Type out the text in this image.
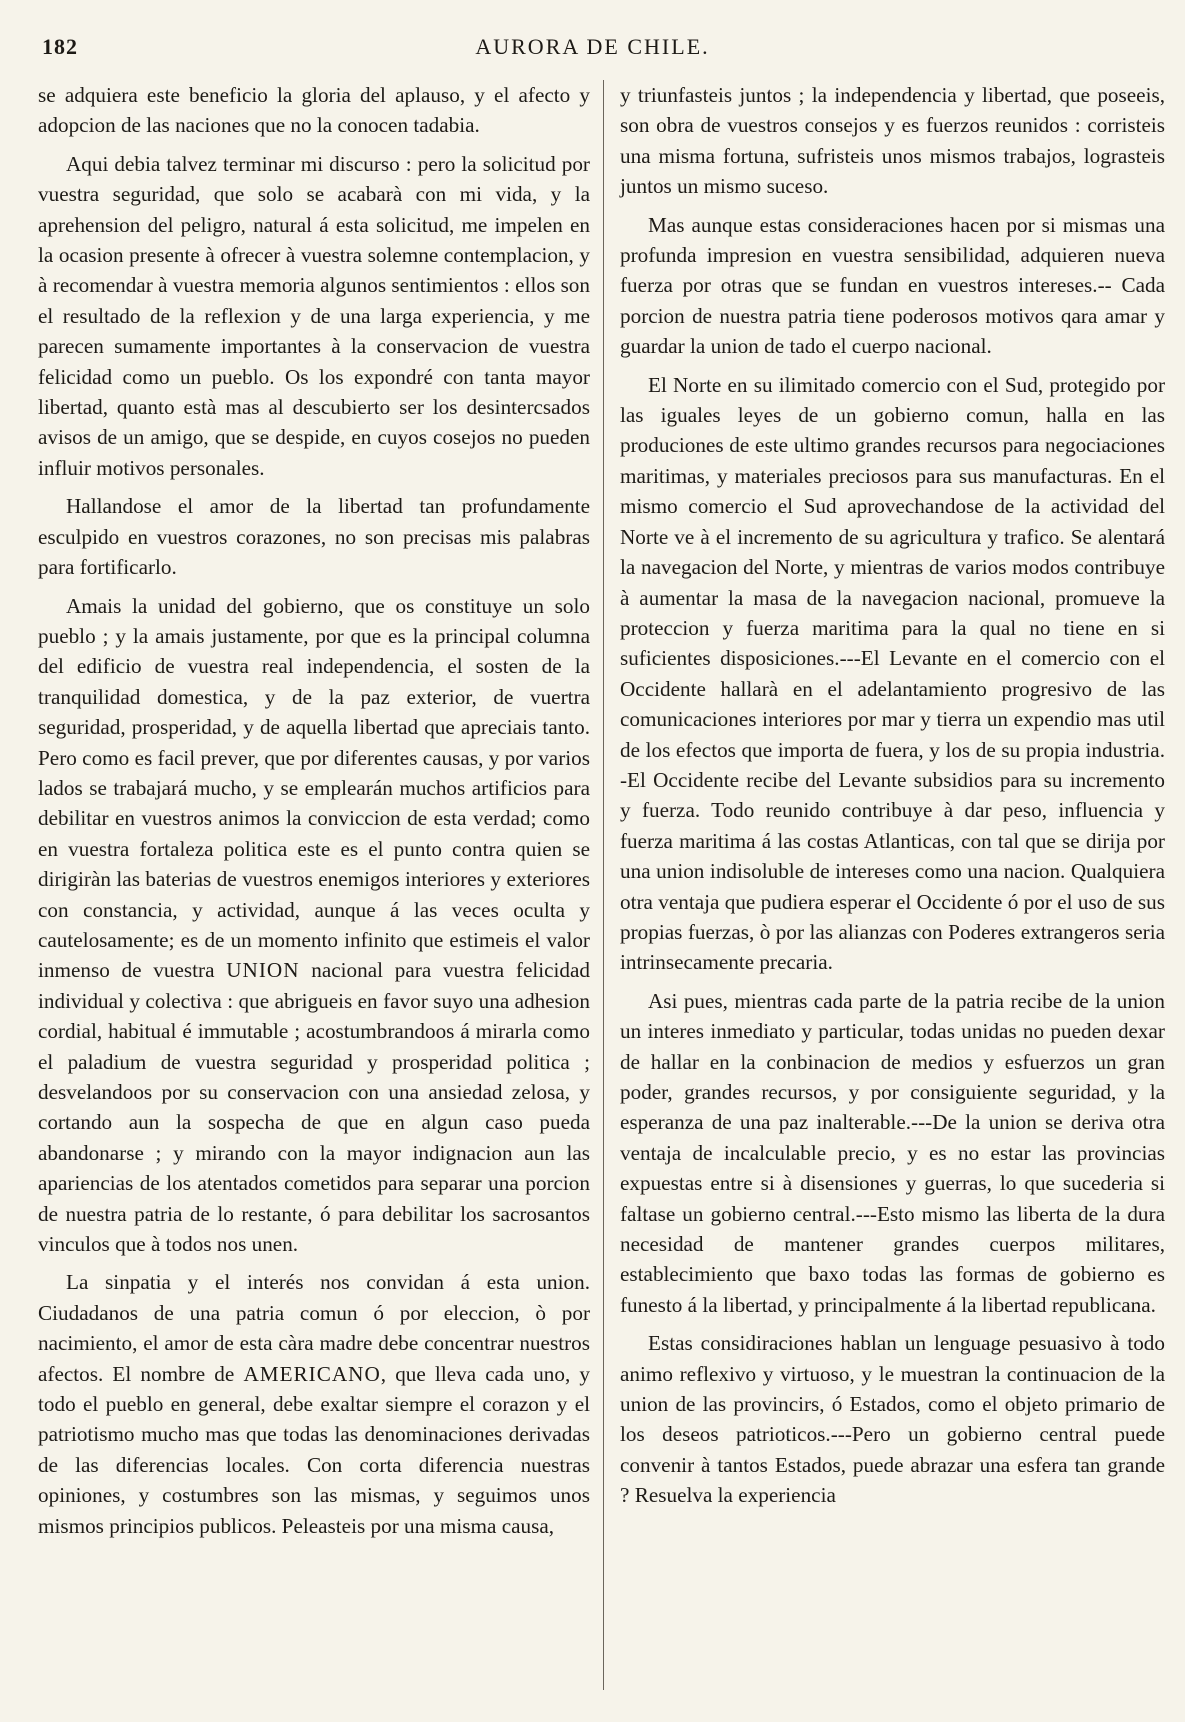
182	AURORA DE CHILE.

se adquiera este beneficio la gloria del aplauso, y el afecto y adopcion de las naciones que no la conocen tadabia.

Aqui debia talvez terminar mi discurso : pero la solicitud por vuestra seguridad, que solo se acabarà con mi vida, y la aprehension del peligro, natural á esta solicitud, me impelen en la ocasion presente à ofrecer à vuestra solemne contemplacion, y à recomendar à vuestra memoria algunos sentimientos : ellos son el resultado de la reflexion y de una larga experiencia, y me parecen sumamente importantes à la conservacion de vuestra felicidad como un pueblo. Os los expondré con tanta mayor libertad, quanto està mas al descubierto ser los desintercsados avisos de un amigo, que se despide, en cuyos cosejos no pueden influir motivos personales.

Hallandose el amor de la libertad tan profundamente esculpido en vuestros corazones, no son precisas mis palabras para fortificarlo.

Amais la unidad del gobierno, que os constituye un solo pueblo ; y la amais justamente, por que es la principal columna del edificio de vuestra real independencia, el sosten de la tranquilidad domestica, y de la paz exterior, de vuertra seguridad, prosperidad, y de aquella libertad que apreciais tanto. Pero como es facil prever, que por diferentes causas, y por varios lados se trabajará mucho, y se emplearán muchos artificios para debilitar en vuestros animos la conviccion de esta verdad; como en vuestra fortaleza politica este es el punto contra quien se dirigiràn las baterias de vuestros enemigos interiores y exteriores con constancia, y actividad, aunque á las veces oculta y cautelosamente; es de un momento infinito que estimeis el valor inmenso de vuestra UNION nacional para vuestra felicidad individual y colectiva : que abrigueis en favor suyo una adhesion cordial, habitual é immutable ; acostumbrandoos á mirarla como el paladium de vuestra seguridad y prosperidad politica ; desvelandoos por su conservacion con una ansiedad zelosa, y cortando aun la sospecha de que en algun caso pueda abandonarse ; y mirando con la mayor indignacion aun las apariencias de los atentados cometidos para separar una porcion de nuestra patria de lo restante, ó para debilitar los sacrosantos vinculos que à todos nos unen.

La sinpatia y el interés nos convidan á esta union. Ciudadanos de una patria comun ó por eleccion, ò por nacimiento, el amor de esta càra madre debe concentrar nuestros afectos. El nombre de AMERICANO, que lleva cada uno, y todo el pueblo en general, debe exaltar siempre el corazon y el patriotismo mucho mas que todas las denominaciones derivadas de las diferencias locales. Con corta diferencia nuestras opiniones, y costumbres son las mismas, y seguimos unos mismos principios publicos. Peleasteis por una misma causa,

y triunfasteis juntos ; la independencia y libertad, que poseeis, son obra de vuestros consejos y es fuerzos reunidos : corristeis una misma fortuna, sufristeis unos mismos trabajos, lograsteis juntos un mismo suceso.

Mas aunque estas consideraciones hacen por si mismas una profunda impresion en vuestra sensibilidad, adquieren nueva fuerza por otras que se fundan en vuestros intereses.-- Cada porcion de nuestra patria tiene poderosos motivos qara amar y guardar la union de tado el cuerpo nacional.

El Norte en su ilimitado comercio con el Sud, protegido por las iguales leyes de un gobierno comun, halla en las produciones de este ultimo grandes recursos para negociaciones maritimas, y materiales preciosos para sus manufacturas. En el mismo comercio el Sud aprovechandose de la actividad del Norte ve à el incremento de su agricultura y trafico. Se alentará la navegacion del Norte, y mientras de varios modos contribuye à aumentar la masa de la navegacion nacional, promueve la proteccion y fuerza maritima para la qual no tiene en si suficientes disposiciones.---El Levante en el comercio con el Occidente hallarà en el adelantamiento progresivo de las comunicaciones interiores por mar y tierra un expendio mas util de los efectos que importa de fuera, y los de su propia industria. -El Occidente recibe del Levante subsidios para su incremento y fuerza. Todo reunido contribuye à dar peso, influencia y fuerza maritima á las costas Atlanticas, con tal que se dirija por una union indisoluble de intereses como una nacion. Qualquiera otra ventaja que pudiera esperar el Occidente ó por el uso de sus propias fuerzas, ò por las alianzas con Poderes extrangeros seria intrinsecamente precaria.

Asi pues, mientras cada parte de la patria recibe de la union un interes inmediato y particular, todas unidas no pueden dexar de hallar en la conbinacion de medios y esfuerzos un gran poder, grandes recursos, y por consiguiente seguridad, y la esperanza de una paz inalterable.---De la union se deriva otra ventaja de incalculable precio, y es no estar las provincias expuestas entre si à disensiones y guerras, lo que sucederia si faltase un gobierno central.---Esto mismo las liberta de la dura necesidad de mantener grandes cuerpos militares, establecimiento que baxo todas las formas de gobierno es funesto á la libertad, y principalmente á la libertad republicana.

Estas considiraciones hablan un lenguage pesuasivo à todo animo reflexivo y virtuoso, y le muestran la continuacion de la union de las provincirs, ó Estados, como el objeto primario de los deseos patrioticos.---Pero un gobierno central puede convenir à tantos Estados, puede abrazar una esfera tan grande ? Resuelva la experiencia
